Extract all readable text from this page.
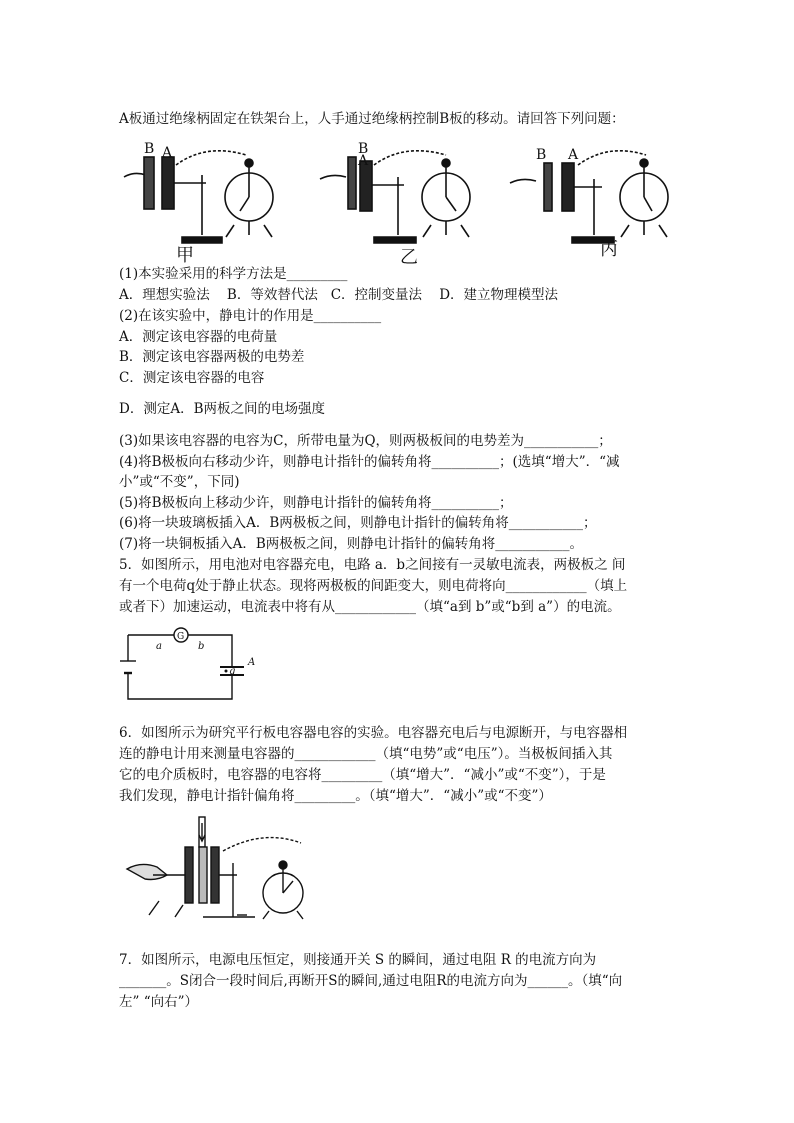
A板通过绝缘柄固定在铁架台上，人手通过绝缘柄控制B板的移动。请回答下列问题：
B A	B
A	B A
甲	乙	丙
(1)本实验采用的科学方法是_________
A．理想实验法    B．等效替代法   C．控制变量法    D．建立物理模型法
(2)在该实验中，静电计的作用是__________
A．测定该电容器的电荷量
B．测定该电容器两极的电势差
C．测定该电容器的电容
D．测定A．B两板之间的电场强度
(3)如果该电容器的电容为C，所带电量为Q，则两极板间的电势差为___________；
(4)将B极板向右移动少许，则静电计指针的偏转角将__________；(选填“增大”．“减
小”或“不变”，下同)
(5)将B极板向上移动少许，则静电计指针的偏转角将__________；
(6)将一块玻璃板插入A．B两极板之间，则静电计指针的偏转角将___________；
(7)将一块铜板插入A．B两极板之间，则静电计指针的偏转角将___________。
5．如图所示，用电池对电容器充电，电路 a．b之间接有一灵敏电流表，两极板之 间
有一个电荷q处于静止状态。现将两极板的间距变大，则电荷将向____________（填上
或者下）加速运动，电流表中将有从____________（填“a到 b”或“b到 a”）的电流。
G
a	b
q
A
6．如图所示为研究平行板电容器电容的实验。电容器充电后与电源断开，与电容器相
连的静电计用来测量电容器的____________（填“电势”或“电压”）。当极板间插入其
它的电介质板时，电容器的电容将_________（填“增大”．“减小”或“不变”），于是
我们发现，静电计指针偏角将_________。（填“增大”．“减小”或“不变”）
7．如图所示，电源电压恒定，则接通开关 S 的瞬间，通过电阻 R 的电流方向为
_______。S闭合一段时间后,再断开S的瞬间,通过电阻R的电流方向为______。（填“向
左” “向右”）
